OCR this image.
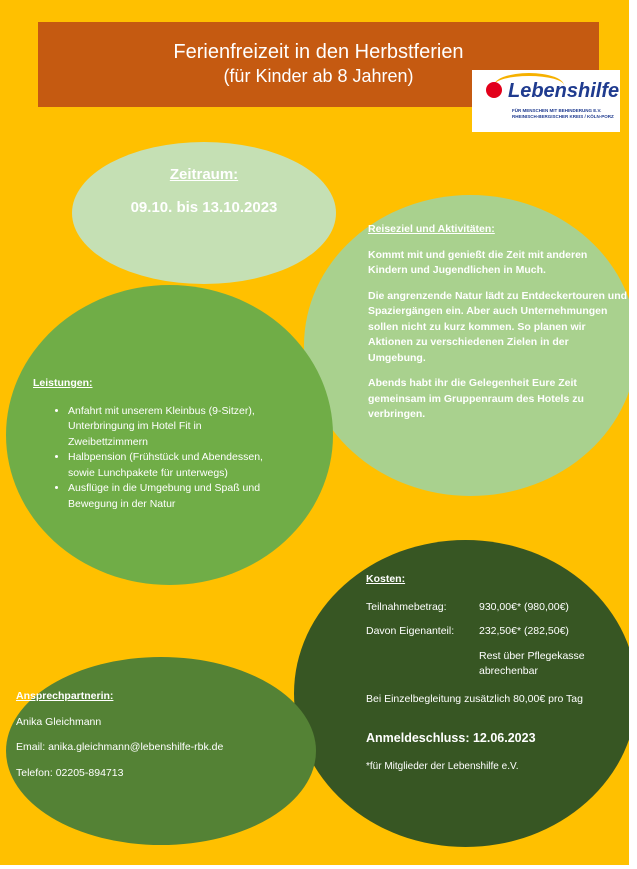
Ferienfreizeit in den Herbstferien
(für Kinder ab 8 Jahren)
Lebenshilfe
FÜR MENSCHEN MIT BEHINDERUNG E.V. RHEINISCH-BERGISCHER KREIS / KÖLN-PORZ
Zeitraum:
09.10. bis 13.10.2023
Reiseziel und Aktivitäten:

Kommt mit und genießt die Zeit mit anderen Kindern und Jugendlichen in Much.

Die angrenzende Natur lädt zu Entdeckertouren und Spaziergängen ein. Aber auch Unternehmungen sollen nicht zu kurz kommen. So planen wir Aktionen zu verschiedenen Zielen in der Umgebung.

Abends habt ihr die Gelegenheit Eure Zeit gemeinsam im Gruppenraum des Hotels zu verbringen.

Leistungen:
• Anfahrt mit unserem Kleinbus (9-Sitzer), Unterbringung im Hotel Fit in Zweibettzimmern
• Halbpension (Frühstück und Abendessen, sowie Lunchpakete für unterwegs)
• Ausflüge in die Umgebung und Spaß und Bewegung in der Natur
Kosten:
Teilnahmebetrag:	930,00€* (980,00€)
Davon Eigenanteil: 232,50€* (282,50€)
Rest über Pflegekasse abrechenbar
Bei Einzelbegleitung zusätzlich 80,00€ pro Tag
Anmeldeschluss: 12.06.2023
*für Mitglieder der Lebenshilfe e.V.
Ansprechpartnerin:
Anika Gleichmann
Email: anika.gleichmann@lebenshilfe-rbk.de
Telefon: 02205-894713
